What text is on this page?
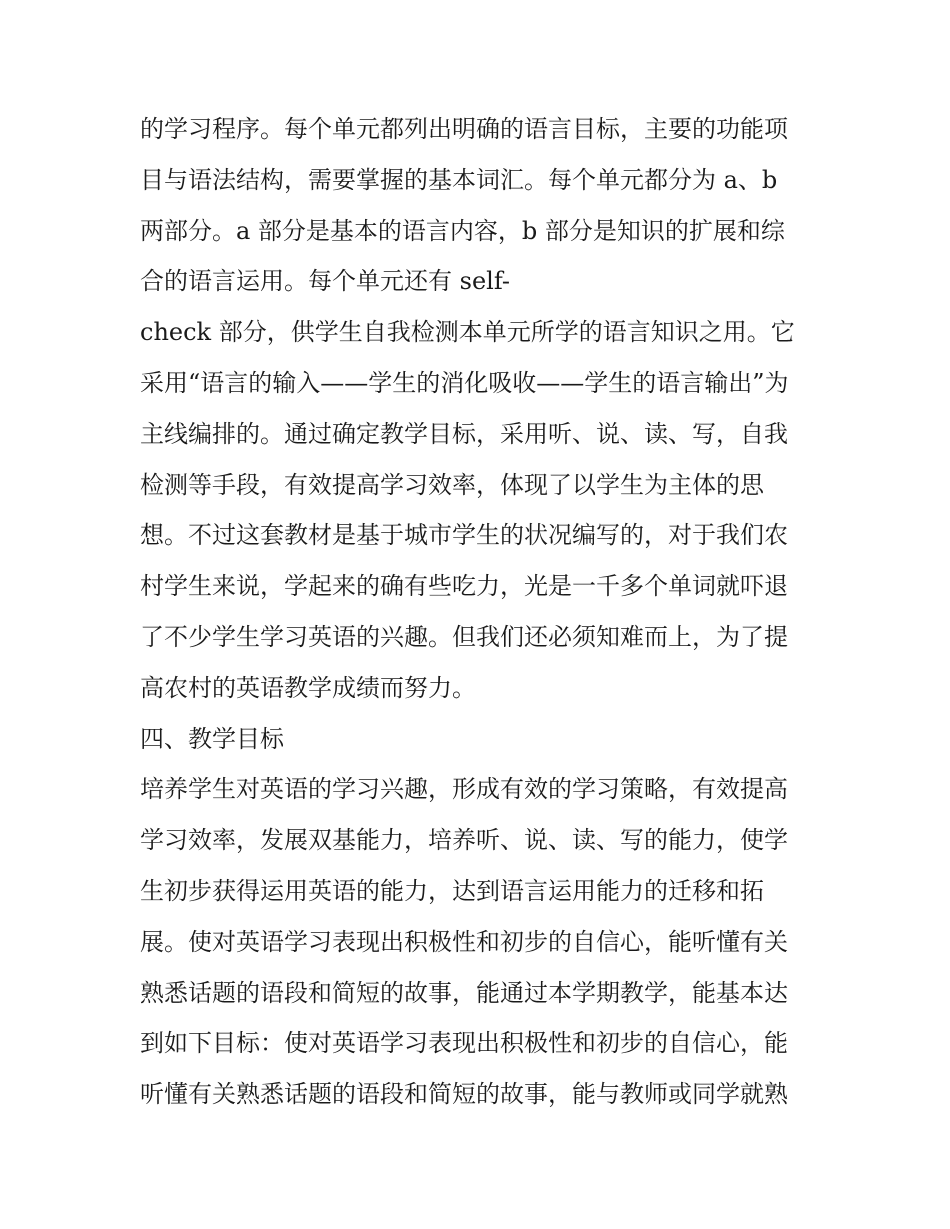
的学习程序。每个单元都列出明确的语言目标，主要的功能项
目与语法结构，需要掌握的基本词汇。每个单元都分为 a、b
两部分。a 部分是基本的语言内容，b 部分是知识的扩展和综
合的语言运用。每个单元还有 self-
check 部分，供学生自我检测本单元所学的语言知识之用。它
采用“语言的输入——学生的消化吸收——学生的语言输出”为
主线编排的。通过确定教学目标，采用听、说、读、写，自我
检测等手段，有效提高学习效率，体现了以学生为主体的思
想。不过这套教材是基于城市学生的状况编写的，对于我们农
村学生来说，学起来的确有些吃力，光是一千多个单词就吓退
了不少学生学习英语的兴趣。但我们还必须知难而上，为了提
高农村的英语教学成绩而努力。
四、教学目标
培养学生对英语的学习兴趣，形成有效的学习策略，有效提高
学习效率，发展双基能力，培养听、说、读、写的能力，使学
生初步获得运用英语的能力，达到语言运用能力的迁移和拓
展。使对英语学习表现出积极性和初步的自信心，能听懂有关
熟悉话题的语段和简短的故事，能通过本学期教学，能基本达
到如下目标：使对英语学习表现出积极性和初步的自信心，能
听懂有关熟悉话题的语段和简短的故事，能与教师或同学就熟
